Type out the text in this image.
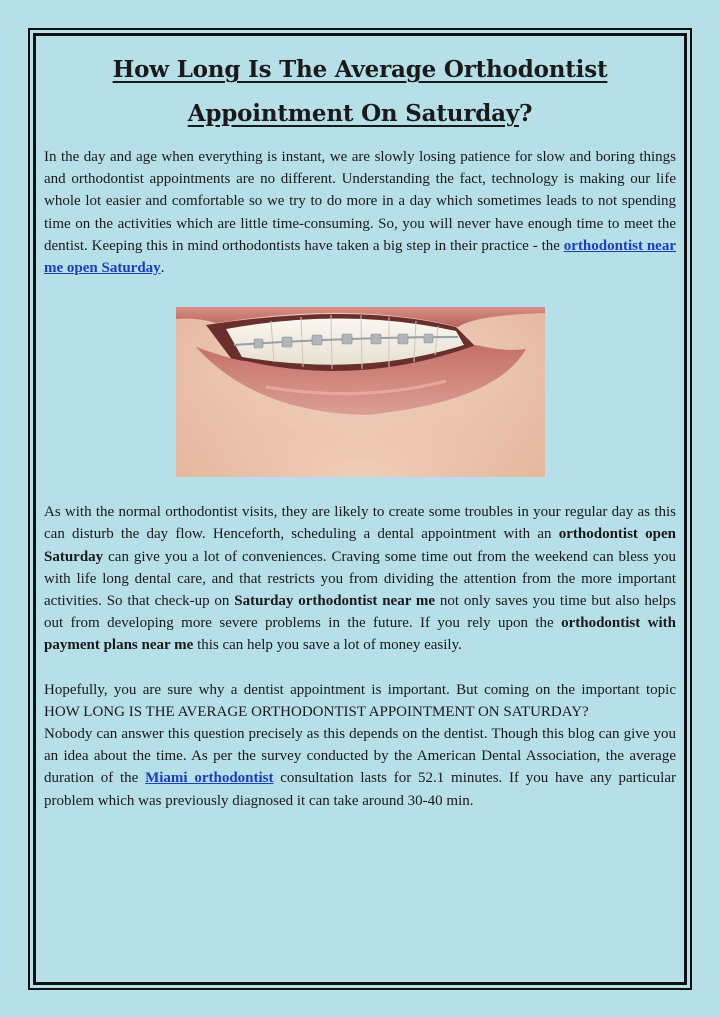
How Long Is The Average Orthodontist Appointment On Saturday?

In the day and age when everything is instant, we are slowly losing patience for slow and boring things and orthodontist appointments are no different. Understanding the fact, technology is making our life whole lot easier and comfortable so we try to do more in a day which sometimes leads to not spending time on the activities which are little time-consuming. So, you will never have enough time to meet the dentist. Keeping this in mind orthodontists have taken a big step in their practice - the orthodontist near me open Saturday.

As with the normal orthodontist visits, they are likely to create some troubles in your regular day as this can disturb the day flow. Henceforth, scheduling a dental appointment with an orthodontist open Saturday can give you a lot of conveniences. Craving some time out from the weekend can bless you with life long dental care, and that restricts you from dividing the attention from the more important activities. So that check-up on Saturday orthodontist near me not only saves you time but also helps out from developing more severe problems in the future. If you rely upon the orthodontist with payment plans near me this can help you save a lot of money easily.

Hopefully, you are sure why a dentist appointment is important. But coming on the important topic HOW LONG IS THE AVERAGE ORTHODONTIST APPOINTMENT ON SATURDAY?
Nobody can answer this question precisely as this depends on the dentist. Though this blog can give you an idea about the time. As per the survey conducted by the American Dental Association, the average duration of the Miami orthodontist consultation lasts for 52.1 minutes. If you have any particular problem which was previously diagnosed it can take around 30-40 min.
